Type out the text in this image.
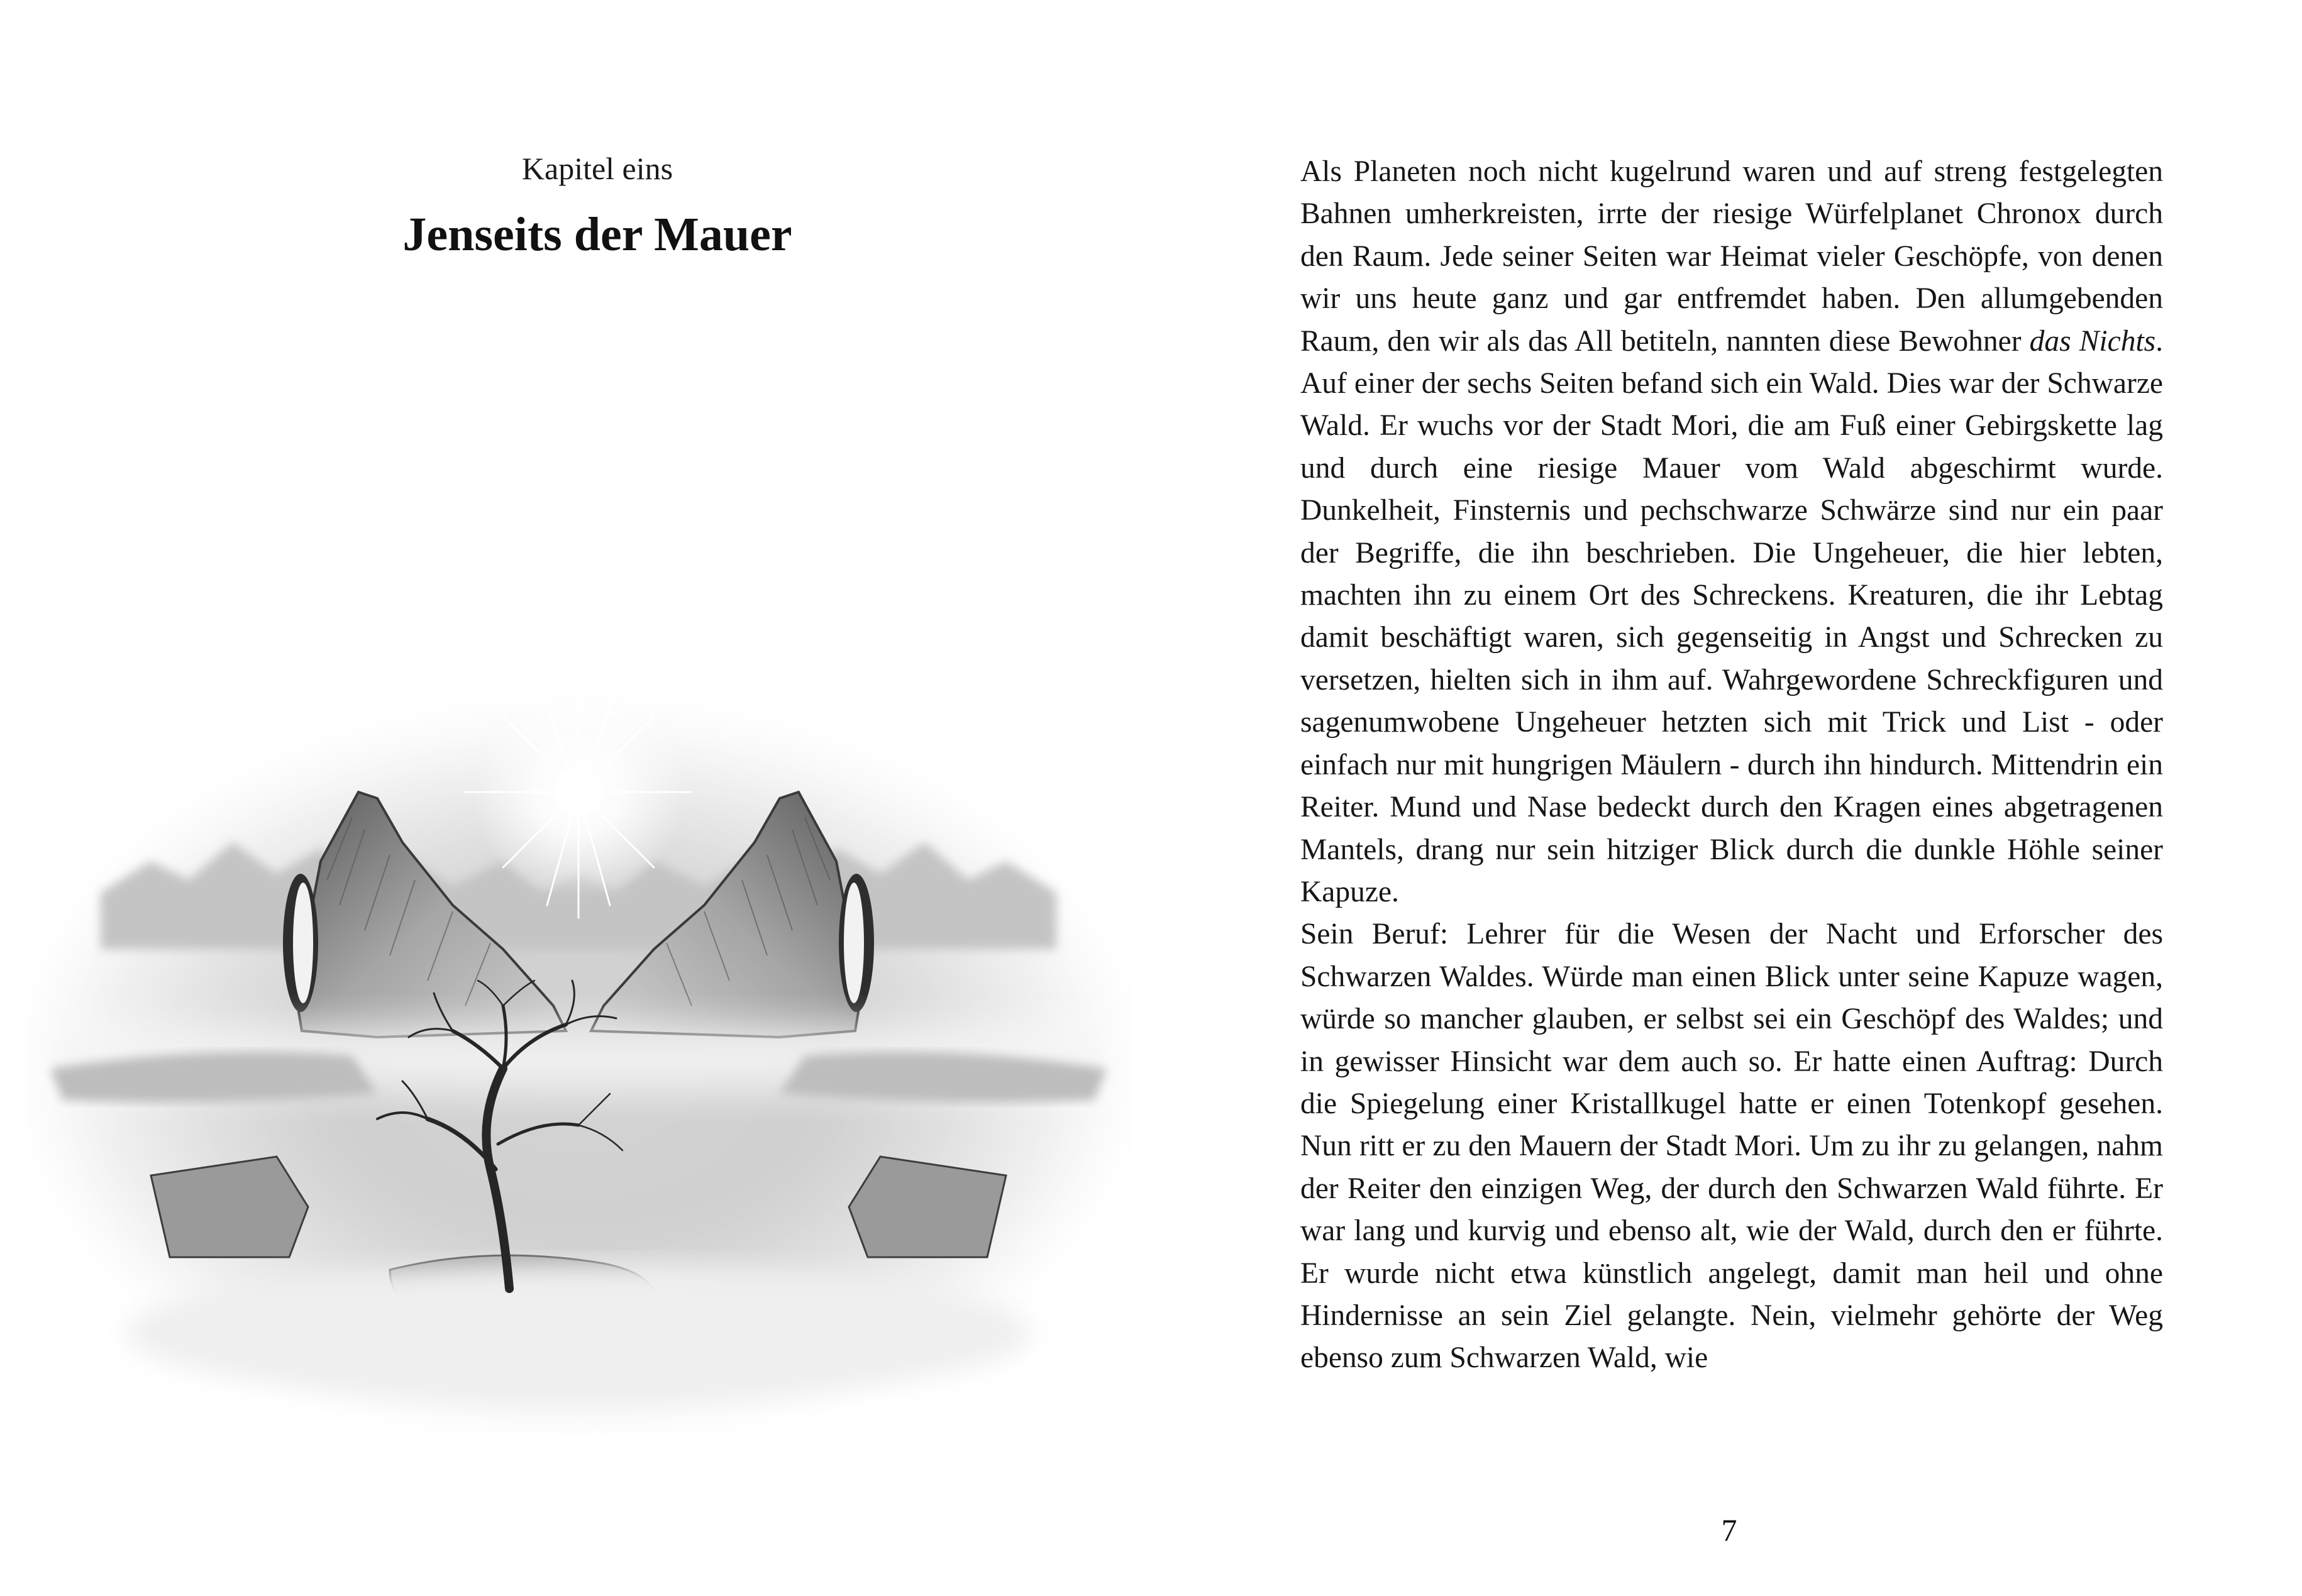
Kapitel eins
Jenseits der Mauer

Als Planeten noch nicht kugelrund waren und auf streng festgelegten Bahnen umherkreisten, irrte der riesige Würfelplanet Chronox durch den Raum. Jede seiner Seiten war Heimat vieler Geschöpfe, von denen wir uns heute ganz und gar entfremdet haben. Den allumgebenden Raum, den wir als das All betiteln, nannten diese Bewohner das Nichts. Auf einer der sechs Seiten befand sich ein Wald. Dies war der Schwarze Wald. Er wuchs vor der Stadt Mori, die am Fuß einer Gebirgskette lag und durch eine riesige Mauer vom Wald abgeschirmt wurde. Dunkelheit, Finsternis und pechschwarze Schwärze sind nur ein paar der Begriffe, die ihn beschrieben. Die Ungeheuer, die hier lebten, machten ihn zu einem Ort des Schreckens. Kreaturen, die ihr Lebtag damit beschäftigt waren, sich gegenseitig in Angst und Schrecken zu versetzen, hielten sich in ihm auf. Wahrgewordene Schreckfiguren und sagenumwobene Ungeheuer hetzten sich mit Trick und List - oder einfach nur mit hungrigen Mäulern - durch ihn hindurch. Mittendrin ein Reiter. Mund und Nase bedeckt durch den Kragen eines abgetragenen Mantels, drang nur sein hitziger Blick durch die dunkle Höhle seiner Kapuze.

Sein Beruf: Lehrer für die Wesen der Nacht und Erforscher des Schwarzen Waldes. Würde man einen Blick unter seine Kapuze wagen, würde so mancher glauben, er selbst sei ein Geschöpf des Waldes; und in gewisser Hinsicht war dem auch so. Er hatte einen Auftrag: Durch die Spiegelung einer Kristallkugel hatte er einen Totenkopf gesehen. Nun ritt er zu den Mauern der Stadt Mori. Um zu ihr zu gelangen, nahm der Reiter den einzigen Weg, der durch den Schwarzen Wald führte. Er war lang und kurvig und ebenso alt, wie der Wald, durch den er führte. Er wurde nicht etwa künstlich angelegt, damit man heil und ohne Hindernisse an sein Ziel gelangte. Nein, vielmehr gehörte der Weg ebenso zum Schwarzen Wald, wie

7
